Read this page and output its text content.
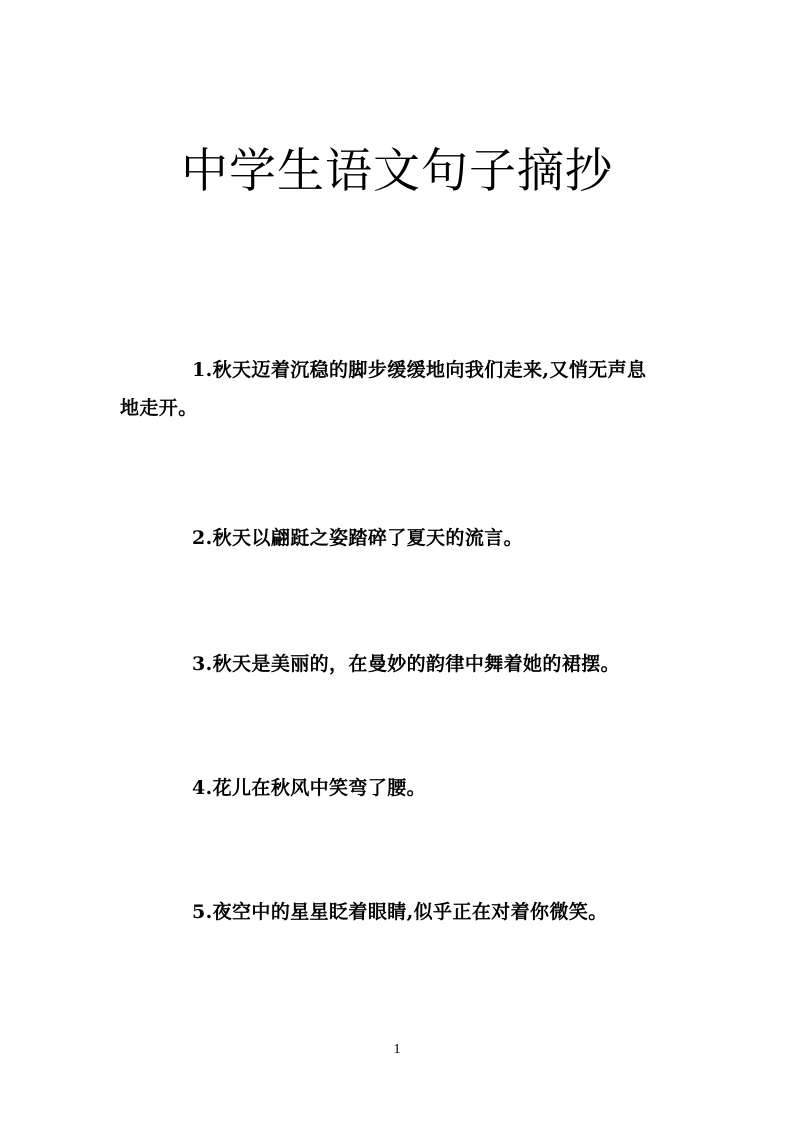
中学生语文句子摘抄

1.秋天迈着沉稳的脚步缓缓地向我们走来,又悄无声息地走开。

2.秋天以翩跹之姿踏碎了夏天的流言。

3.秋天是美丽的，在曼妙的韵律中舞着她的裙摆。

4.花儿在秋风中笑弯了腰。

5.夜空中的星星眨着眼睛,似乎正在对着你微笑。

1
